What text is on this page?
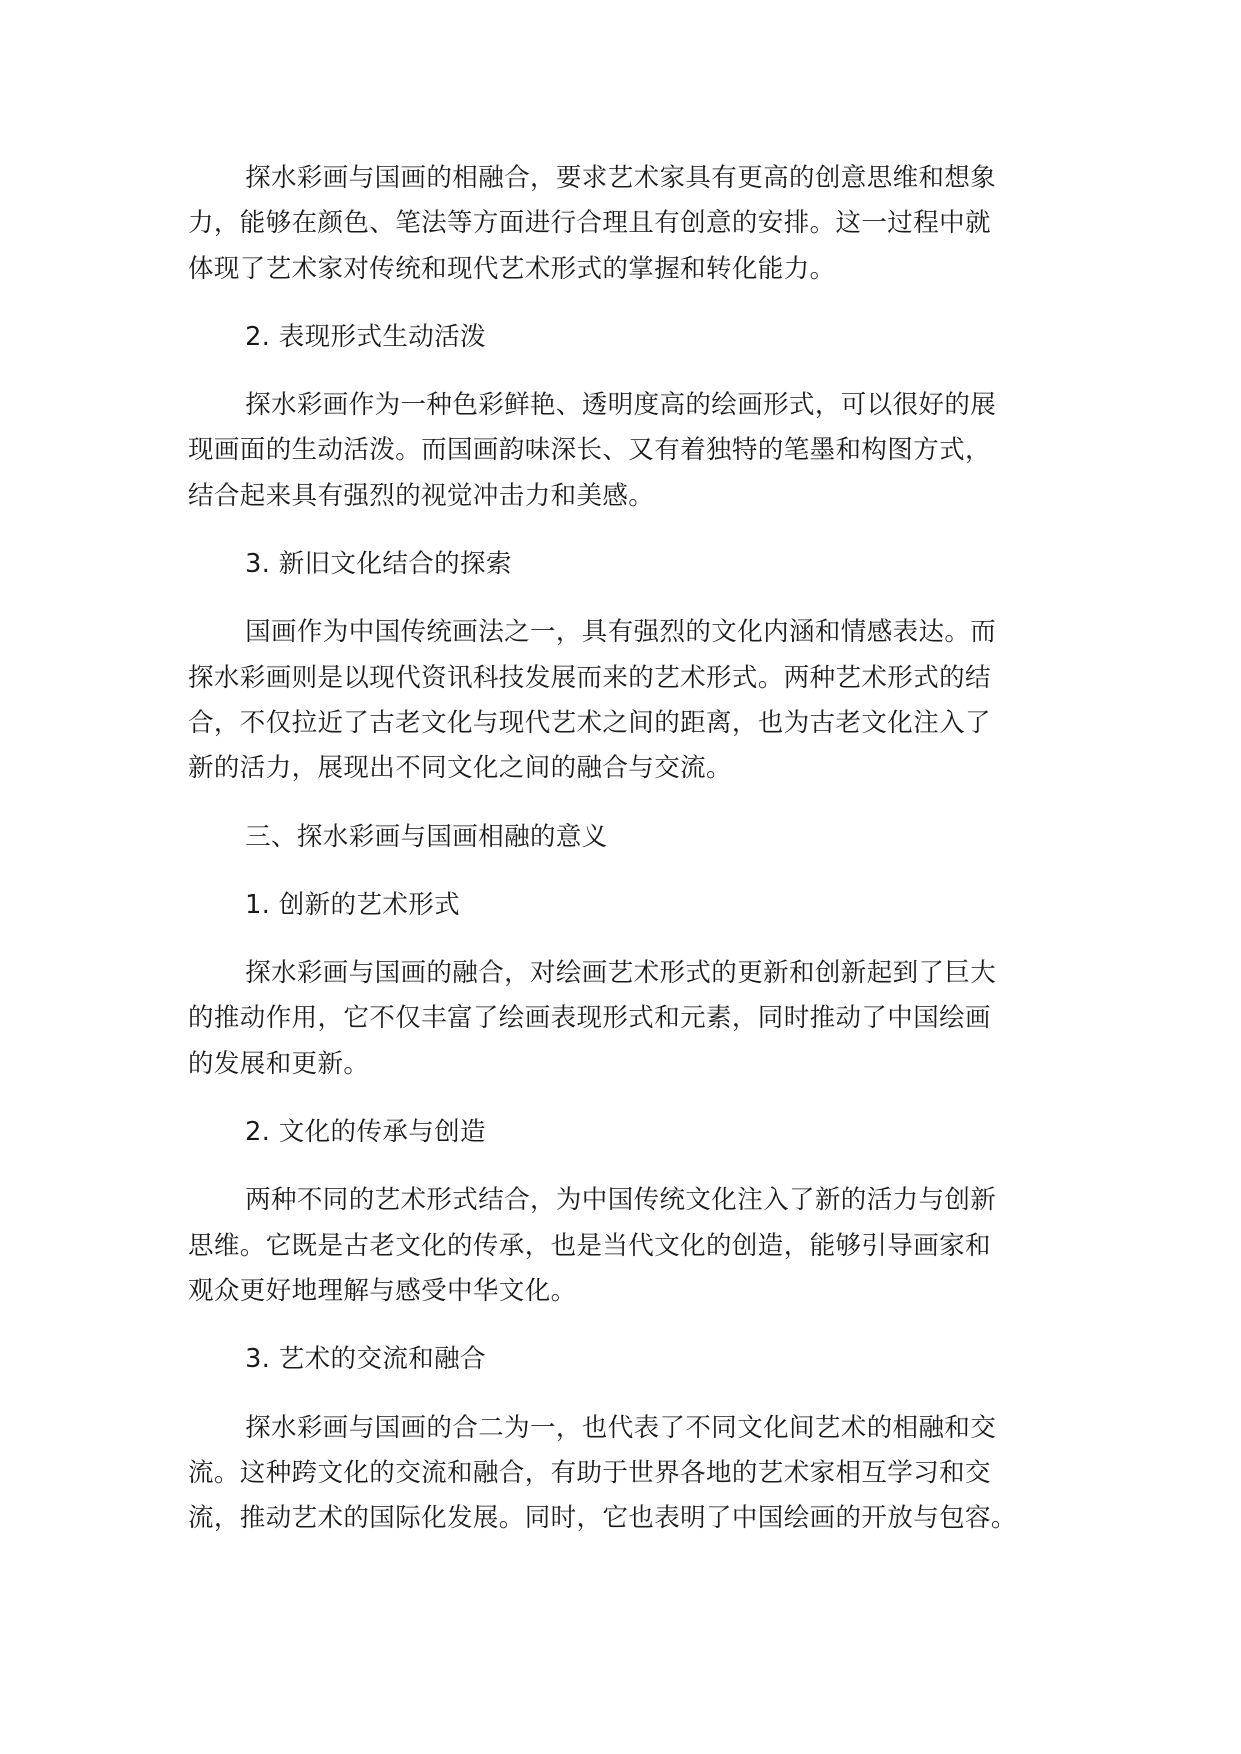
探水彩画与国画的相融合，要求艺术家具有更高的创意思维和想象
力，能够在颜色、笔法等方面进行合理且有创意的安排。这一过程中就
体现了艺术家对传统和现代艺术形式的掌握和转化能力。

2. 表现形式生动活泼

探水彩画作为一种色彩鲜艳、透明度高的绘画形式，可以很好的展
现画面的生动活泼。而国画韵味深长、又有着独特的笔墨和构图方式，
结合起来具有强烈的视觉冲击力和美感。

3. 新旧文化结合的探索

国画作为中国传统画法之一，具有强烈的文化内涵和情感表达。而
探水彩画则是以现代资讯科技发展而来的艺术形式。两种艺术形式的结
合，不仅拉近了古老文化与现代艺术之间的距离，也为古老文化注入了
新的活力，展现出不同文化之间的融合与交流。

三、探水彩画与国画相融的意义

1. 创新的艺术形式

探水彩画与国画的融合，对绘画艺术形式的更新和创新起到了巨大
的推动作用，它不仅丰富了绘画表现形式和元素，同时推动了中国绘画
的发展和更新。

2. 文化的传承与创造

两种不同的艺术形式结合，为中国传统文化注入了新的活力与创新
思维。它既是古老文化的传承，也是当代文化的创造，能够引导画家和
观众更好地理解与感受中华文化。

3. 艺术的交流和融合

探水彩画与国画的合二为一，也代表了不同文化间艺术的相融和交
流。这种跨文化的交流和融合，有助于世界各地的艺术家相互学习和交
流，推动艺术的国际化发展。同时，它也表明了中国绘画的开放与包容。
